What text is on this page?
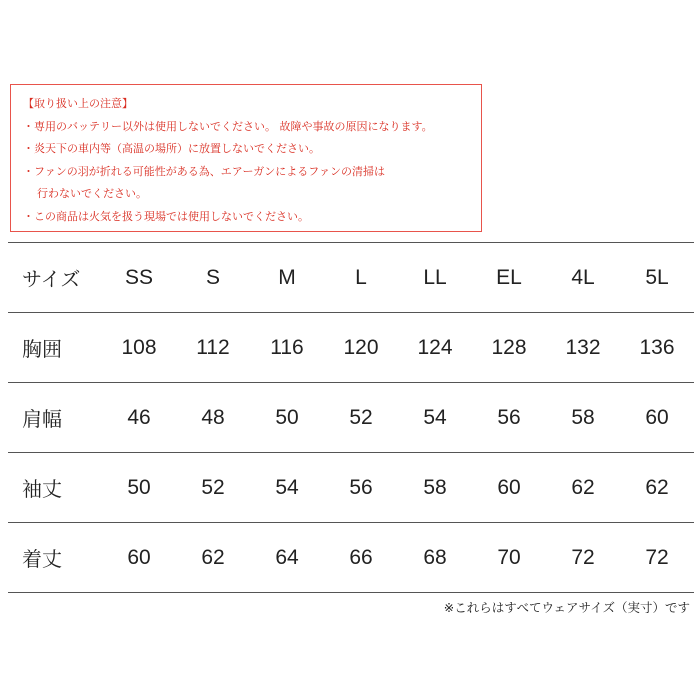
【取り扱い上の注意】
・専用のバッテリー以外は使用しないでください。 故障や事故の原因になります。
・炎天下の車内等（高温の場所）に放置しないでください。
・ファンの羽が折れる可能性がある為、エアーガンによるファンの清掃は
行わないでください。
・この商品は火気を扱う現場では使用しないでください。
サイズ	SS	S	M	L	LL	EL	4L	5L
胸囲	108	112	116	120	124	128	132	136
肩幅	46	48	50	52	54	56	58	60
袖丈	50	52	54	56	58	60	62	62
着丈	60	62	64	66	68	70	72	72
※これらはすべてウェアサイズ（実寸）です
